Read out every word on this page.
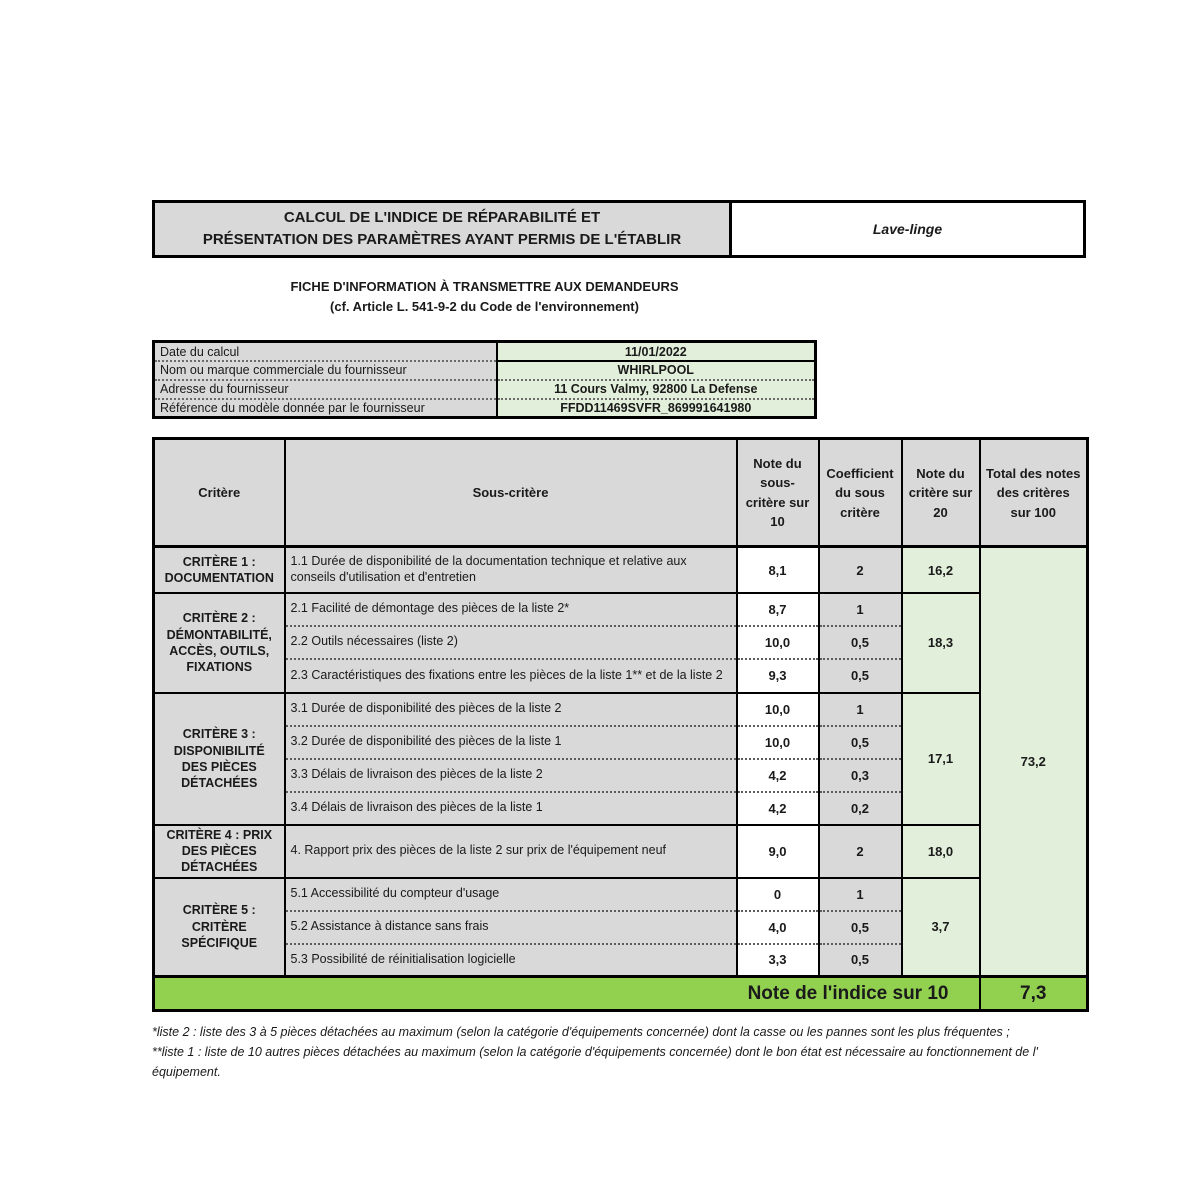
CALCUL DE L'INDICE DE RÉPARABILITÉ ET
PRÉSENTATION DES PARAMÈTRES AYANT PERMIS DE L'ÉTABLIR
Lave-linge
FICHE D'INFORMATION À TRANSMETTRE AUX DEMANDEURS
(cf. Article L. 541-9-2 du Code de l'environnement)
Date du calcul	11/01/2022
Nom ou marque commerciale du fournisseur	WHIRLPOOL
Adresse du fournisseur	11 Cours Valmy, 92800 La Defense
Référence du modèle donnée par le fournisseur	FFDD11469SVFR_869991641980
Critère	Sous-critère	Note du sous-critère sur 10	Coefficient du sous critère	Note du critère sur 20	Total des notes des critères sur 100
CRITÈRE 1 : DOCUMENTATION	1.1 Durée de disponibilité de la documentation technique et relative aux conseils d'utilisation et d'entretien	8,1	2	16,2	73,2
CRITÈRE 2 : DÉMONTABILITÉ, ACCÈS, OUTILS, FIXATIONS	2.1 Facilité de démontage des pièces de la liste 2*	8,7	1	18,3	
	2.2 Outils nécessaires (liste 2)	10,0	0,5		
	2.3 Caractéristiques des fixations entre les pièces de la liste 1** et de la liste 2	9,3	0,5		
CRITÈRE 3 : DISPONIBILITÉ DES PIÈCES DÉTACHÉES	3.1 Durée de disponibilité des pièces de la liste 2	10,0	1	17,1	
	3.2 Durée de disponibilité des pièces de la liste 1	10,0	0,5		
	3.3 Délais de livraison des pièces de la liste 2	4,2	0,3		
	3.4 Délais de livraison des pièces de la liste 1	4,2	0,2		
CRITÈRE 4 : PRIX DES PIÈCES DÉTACHÉES	4. Rapport prix des pièces de la liste 2 sur prix de l'équipement neuf	9,0	2	18,0	
CRITÈRE 5 : CRITÈRE SPÉCIFIQUE	5.1 Accessibilité du compteur d'usage	0	1	3,7	
	5.2 Assistance à distance sans frais	4,0	0,5		
	5.3 Possibilité de réinitialisation logicielle	3,3	0,5		
Note de l'indice sur 10					7,3
*liste 2 : liste des 3 à 5 pièces détachées au maximum (selon la catégorie d'équipements concernée) dont la casse ou les pannes sont les plus fréquentes ;
**liste 1 : liste de 10 autres pièces détachées au maximum (selon la catégorie d'équipements concernée) dont le bon état est nécessaire au fonctionnement de l' équipement.
